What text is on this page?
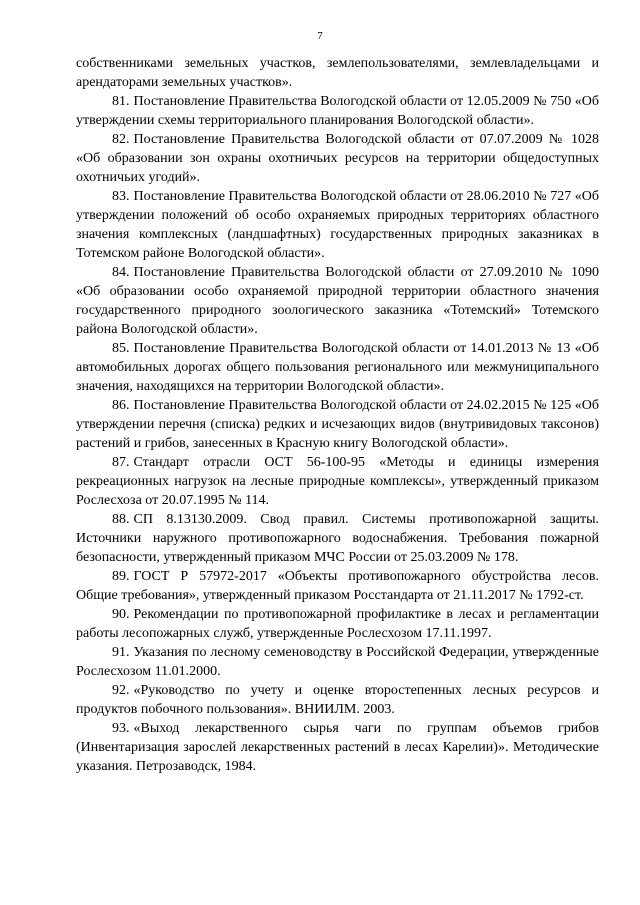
7

собственниками земельных участков, землепользователями, землевладельцами и арендаторами земельных участков».

81. Постановление Правительства Вологодской области от 12.05.2009 № 750 «Об утверждении схемы территориального планирования Вологодской области».

82. Постановление Правительства Вологодской области от 07.07.2009 № 1028 «Об образовании зон охраны охотничьих ресурсов на территории общедоступных охотничьих угодий».

83. Постановление Правительства Вологодской области от 28.06.2010 № 727 «Об утверждении положений об особо охраняемых природных территориях областного значения комплексных (ландшафтных) государственных природных заказниках в Тотемском районе Вологодской области».

84. Постановление Правительства Вологодской области от 27.09.2010 № 1090 «Об образовании особо охраняемой природной территории областного значения государственного природного зоологического заказника «Тотемский» Тотемского района Вологодской области».

85. Постановление Правительства Вологодской области от 14.01.2013 № 13 «Об автомобильных дорогах общего пользования регионального или межмуниципального значения, находящихся на территории Вологодской области».

86. Постановление Правительства Вологодской области от 24.02.2015 № 125 «Об утверждении перечня (списка) редких и исчезающих видов (внутривидовых таксонов) растений и грибов, занесенных в Красную книгу Вологодской области».

87. Стандарт отрасли ОСТ 56-100-95 «Методы и единицы измерения рекреационных нагрузок на лесные природные комплексы», утвержденный приказом Рослесхоза от 20.07.1995 № 114.

88. СП 8.13130.2009. Свод правил. Системы противопожарной защиты. Источники наружного противопожарного водоснабжения. Требования пожарной безопасности, утвержденный приказом МЧС России от 25.03.2009 № 178.

89. ГОСТ Р 57972-2017 «Объекты противопожарного обустройства лесов. Общие требования», утвержденный приказом Росстандарта от 21.11.2017 № 1792-ст.

90. Рекомендации по противопожарной профилактике в лесах и регламентации работы лесопожарных служб, утвержденные Рослесхозом 17.11.1997.

91. Указания по лесному семеноводству в Российской Федерации, утвержденные Рослесхозом 11.01.2000.

92. «Руководство по учету и оценке второстепенных лесных ресурсов и продуктов побочного пользования». ВНИИЛМ. 2003.

93. «Выход лекарственного сырья чаги по группам объемов грибов (Инвентаризация зарослей лекарственных растений в лесах Карелии)». Методические указания. Петрозаводск, 1984.
